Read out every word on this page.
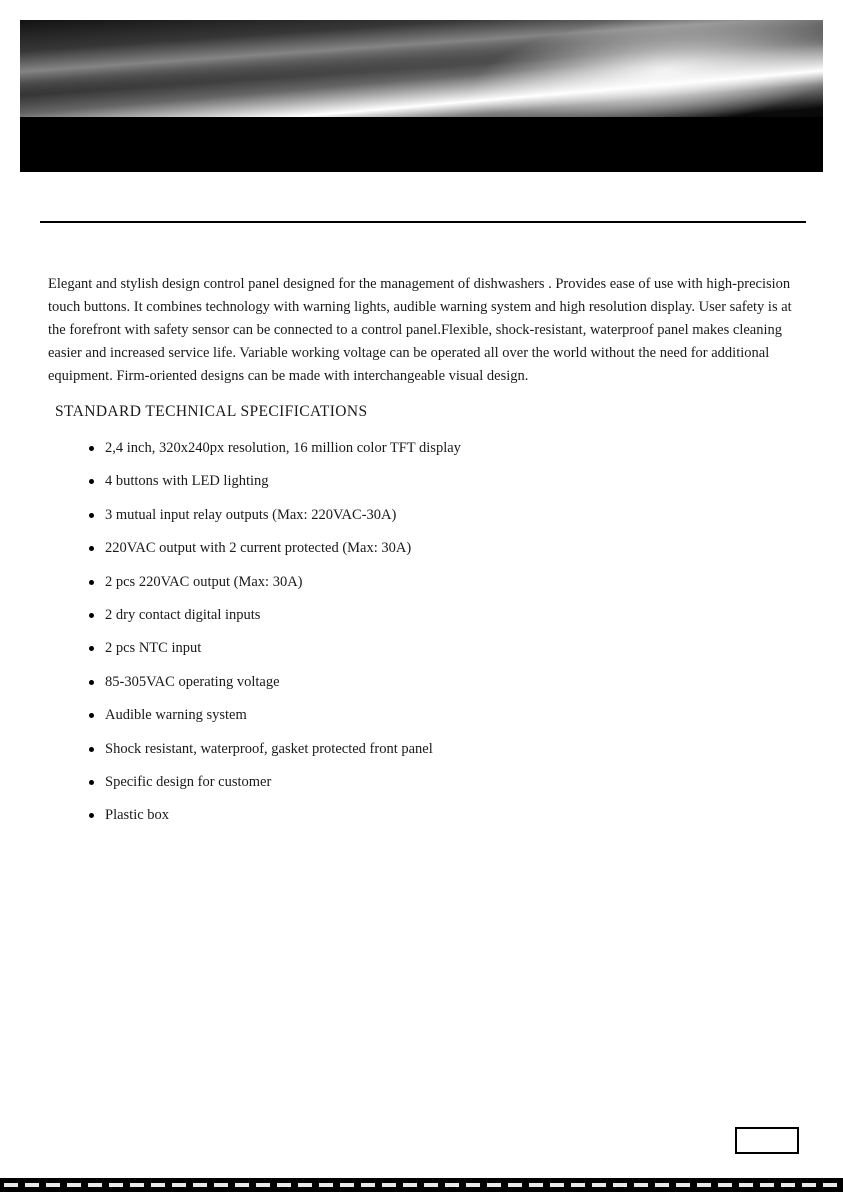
Elegant and stylish design control panel designed for the management of dishwashers . Provides ease of use with high-precision touch buttons. It combines technology with warning lights, audible warning system and high resolution display. User safety is at the forefront with safety sensor can be connected to a control panel.Flexible, shock-resistant, waterproof panel makes cleaning easier and increased service life. Variable working voltage can be operated all over the world without the need for additional equipment. Firm-oriented designs can be made with interchangeable visual design.

STANDARD TECHNICAL SPECIFICATIONS
2,4 inch, 320x240px resolution, 16 million color TFT display
4 buttons with LED lighting
3 mutual input relay outputs (Max: 220VAC-30A)
220VAC output with 2 current protected (Max: 30A)
2 pcs 220VAC output (Max: 30A)
2 dry contact digital inputs
2 pcs NTC input
85-305VAC operating voltage
Audible warning system
Shock resistant, waterproof, gasket protected front panel
Specific design for customer
Plastic box
